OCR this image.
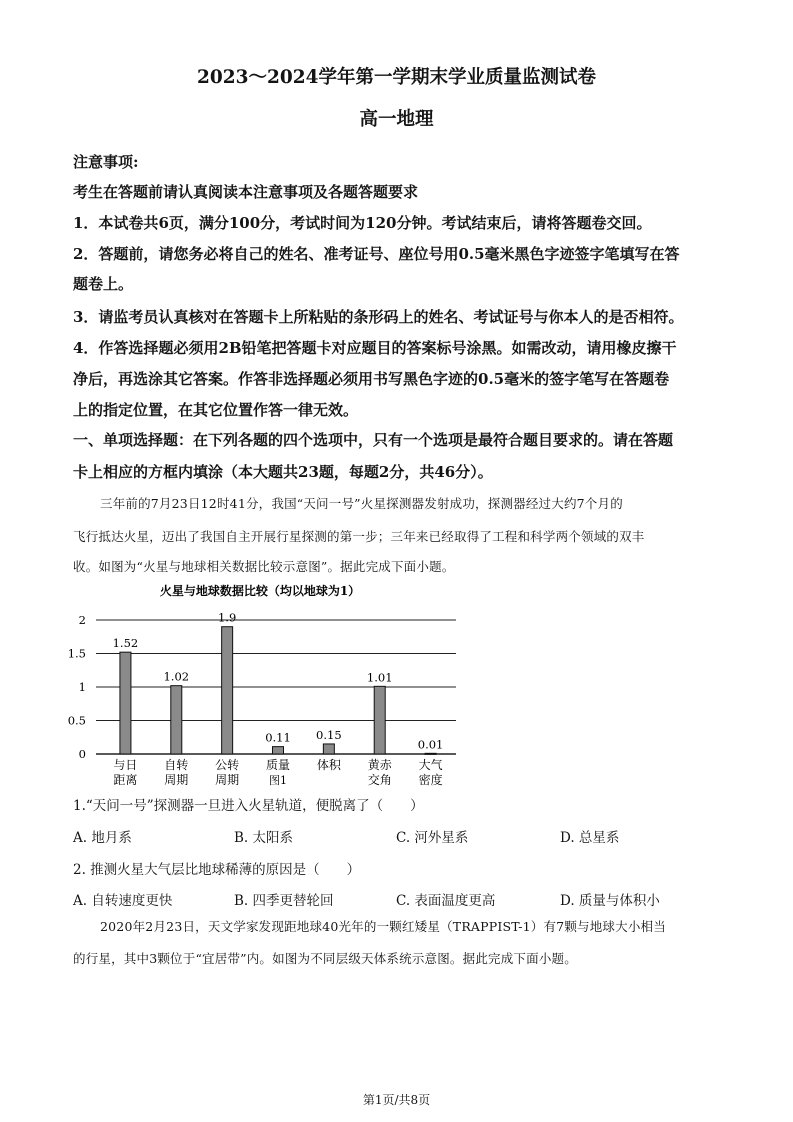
2023～2024学年第一学期末学业质量监测试卷
高一地理
注意事项:
考生在答题前请认真阅读本注意事项及各题答题要求
1．本试卷共6页，满分100分，考试时间为120分钟。考试结束后，请将答题卷交回。
2．答题前，请您务必将自己的姓名、准考证号、座位号用0.5毫米黑色字迹签字笔填写在答
题卷上。
3．请监考员认真核对在答题卡上所粘贴的条形码上的姓名、考试证号与你本人的是否相符。
4．作答选择题必须用2B铅笔把答题卡对应题目的答案标号涂黑。如需改动，请用橡皮擦干
净后，再选涂其它答案。作答非选择题必须用书写黑色字迹的0.5毫米的签字笔写在答题卷
上的指定位置，在其它位置作答一律无效。
一、单项选择题：在下列各题的四个选项中，只有一个选项是最符合题目要求的。请在答题
卡上相应的方框内填涂（本大题共23题，每题2分，共46分）。
三年前的7月23日12时41分，我国“天问一号”火星探测器发射成功，探测器经过大约7个月的
飞行抵达火星，迈出了我国自主开展行星探测的第一步；三年来已经取得了工程和科学两个领域的双丰
收。如图为“火星与地球相关数据比较示意图”。据此完成下面小题。
火星与地球数据比较（均以地球为1）
0
0.5
1
1.5
2
1.52
与日
距离
1.02
自转
周期
1.9
公转
周期
0.11
质量
0.15
体积
1.01
黄赤
交角
0.01
大气
密度
图1
1.“天问一号”探测器一旦进入火星轨道，便脱离了（　　）
A. 地月系	B. 太阳系	C. 河外星系	D. 总星系
2. 推测火星大气层比地球稀薄的原因是（　　）
A. 自转速度更快	B. 四季更替轮回	C. 表面温度更高	D. 质量与体积小
2020年2月23日，天文学家发现距地球40光年的一颗红矮星（TRAPPIST-1）有7颗与地球大小相当
的行星，其中3颗位于“宜居带”内。如图为不同层级天体系统示意图。据此完成下面小题。
第1页/共8页
